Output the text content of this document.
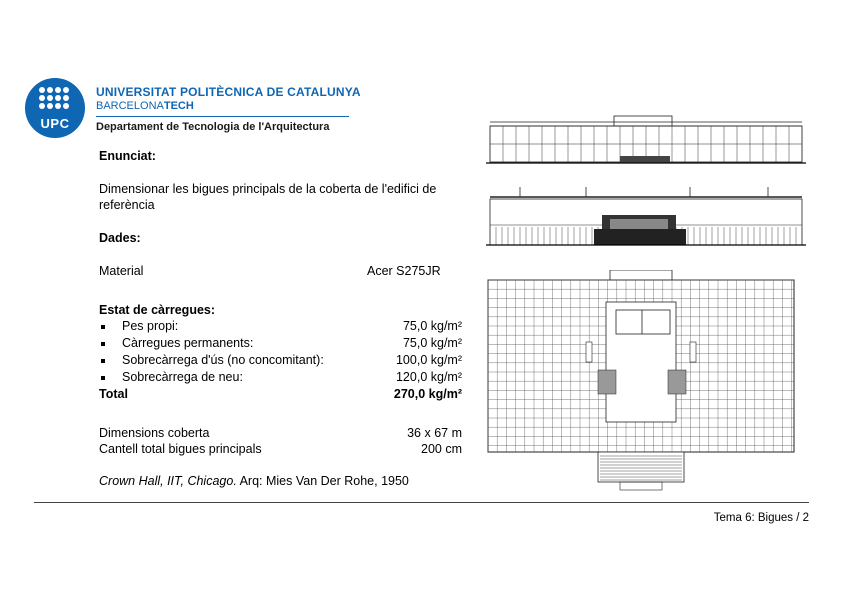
UPC
UNIVERSITAT POLITÈCNICA DE CATALUNYA
BARCELONATECH
Departament de Tecnologia de l'Arquitectura
Enunciat:
Dimensionar les bigues principals de la coberta de l'edifici de referència
Dades:
Material	Acer S275JR
Estat de càrregues:
Pes propi:	75,0 kg/m²
Càrregues permanents:	75,0 kg/m²
Sobrecàrrega d'ús (no concomitant):	100,0 kg/m²
Sobrecàrrega de neu:	120,0 kg/m²
Total	270,0 kg/m²
Dimensions coberta	36 x 67 m
Cantell total bigues principals	200 cm
Crown Hall, IIT, Chicago. Arq: Mies Van Der Rohe, 1950
Tema 6: Bigues / 2
